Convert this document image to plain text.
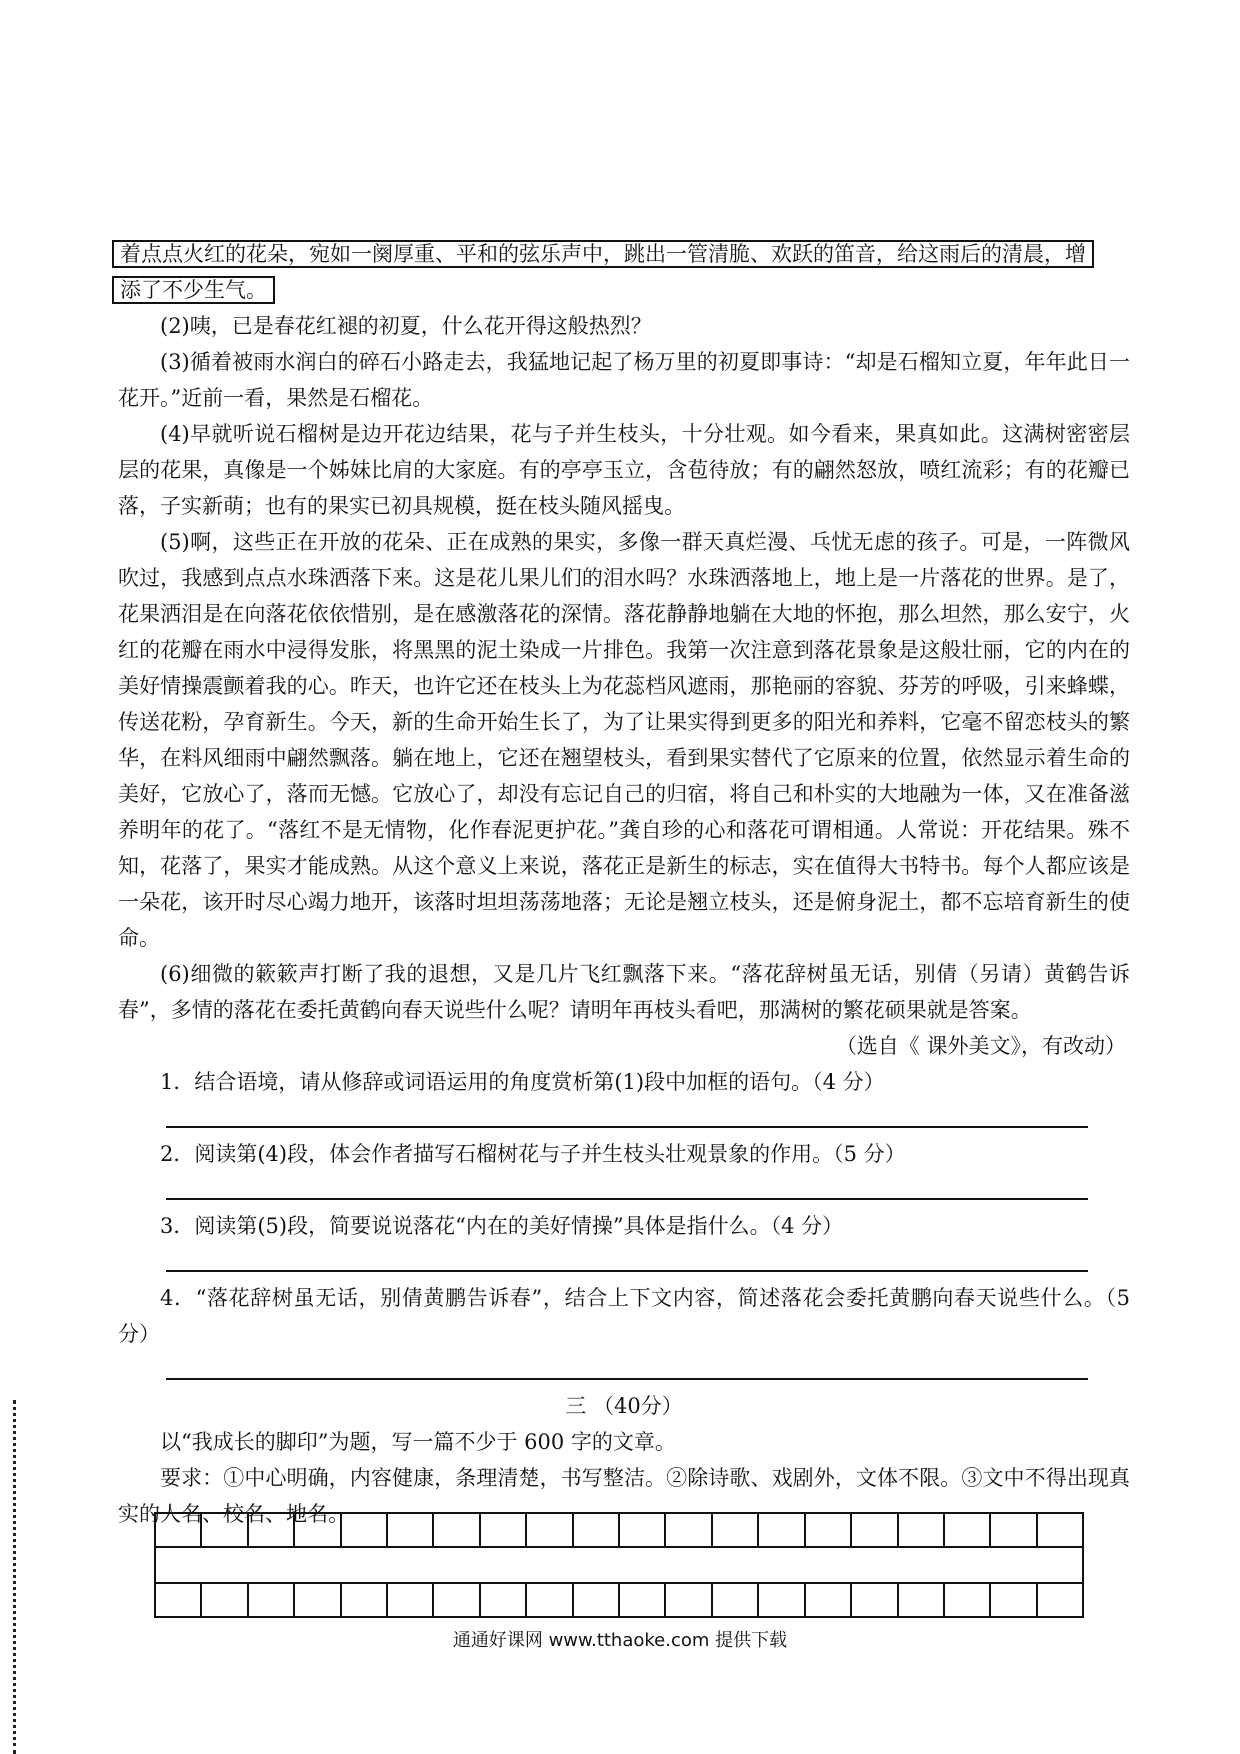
着点点火红的花朵，宛如一阕厚重、平和的弦乐声中，跳出一管清脆、欢跃的笛音，给这雨后的清晨，增
添了不少生气。

(2)咦，已是春花红褪的初夏，什么花开得这般热烈？

(3)循着被雨水润白的碎石小路走去，我猛地记起了杨万里的初夏即事诗：“却是石榴知立夏，年年此日一花开。”近前一看，果然是石榴花。

(4)早就听说石榴树是边开花边结果，花与子并生枝头，十分壮观。如今看来，果真如此。这满树密密层层的花果，真像是一个姊妹比肩的大家庭。有的亭亭玉立，含苞待放；有的翩然怒放，喷红流彩；有的花瓣已落，子实新萌；也有的果实已初具规模，挺在枝头随风摇曳。

(5)啊，这些正在开放的花朵、正在成熟的果实，多像一群天真烂漫、乓忧无虑的孩子。可是，一阵微风吹过，我感到点点水珠洒落下来。这是花儿果儿们的泪水吗？水珠洒落地上，地上是一片落花的世界。是了，花果洒泪是在向落花依依惜别，是在感激落花的深情。落花静静地躺在大地的怀抱，那么坦然，那么安宁，火红的花瓣在雨水中浸得发胀，将黑黑的泥土染成一片排色。我第一次注意到落花景象是这般壮丽，它的内在的美好情操震颤着我的心。昨天，也许它还在枝头上为花蕊档风遮雨，那艳丽的容貌、芬芳的呼吸，引来蜂蝶，传送花粉，孕育新生。今天，新的生命开始生长了，为了让果实得到更多的阳光和养料，它毫不留恋枝头的繁华，在料风细雨中翩然飘落。躺在地上，它还在翘望枝头，看到果实替代了它原来的位置，依然显示着生命的美好，它放心了，落而无憾。它放心了，却没有忘记自己的归宿，将自己和朴实的大地融为一体，又在准备滋养明年的花了。“落红不是无情物，化作春泥更护花。”龚自珍的心和落花可谓相通。人常说：开花结果。殊不知，花落了，果实才能成熟。从这个意义上来说，落花正是新生的标志，实在值得大书特书。每个人都应该是一朵花，该开时尽心竭力地开，该落时坦坦荡荡地落；无论是翘立枝头，还是俯身泥土，都不忘培育新生的使命。

(6)细微的簌簌声打断了我的退想，又是几片飞红飘落下来。“落花辞树虽无话，别倩（另请）黄鹤告诉春”，多情的落花在委托黄鹤向春天说些什么呢？请明年再枝头看吧，那满树的繁花硕果就是答案。

（选自《 课外美文》，有改动）

1．结合语境，请从修辞或词语运用的角度赏析第(1)段中加框的语句。（4 分）

2．阅读第(4)段，体会作者描写石榴树花与子并生枝头壮观景象的作用。（5 分）

3．阅读第(5)段，简要说说落花“内在的美好情操”具体是指什么。（4 分）

4．“落花辞树虽无话，别倩黄鹏告诉春”，结合上下文内容，简述落花会委托黄鹏向春天说些什么。（5 分）

三 （40分）

以“我成长的脚印”为题，写一篇不少于 600 字的文章。

要求：①中心明确，内容健康，条理清楚，书写整洁。②除诗歌、戏剧外，文体不限。③文中不得出现真实的人名、校名、地名。

通通好课网 www.tthaoke.com 提供下载
